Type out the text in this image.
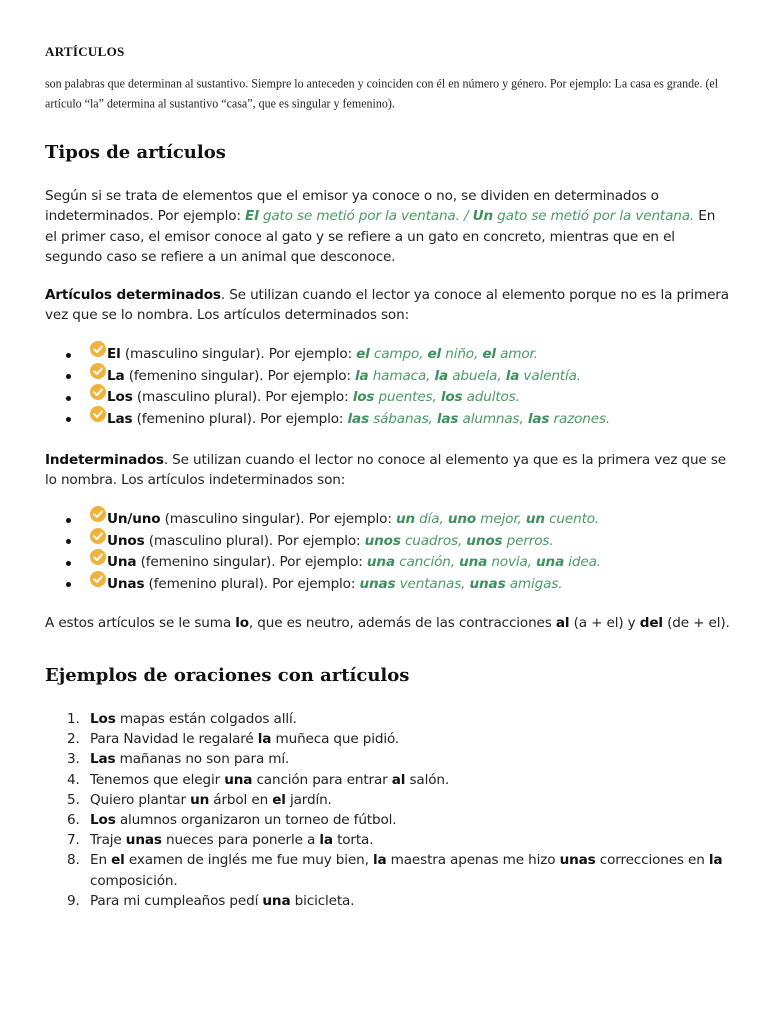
ARTÍCULOS
son palabras que determinan al sustantivo. Siempre lo anteceden y coinciden con él en número y género. Por ejemplo: La casa es grande. (el artículo “la” determina al sustantivo “casa”, que es singular y femenino).
Tipos de artículos
Según si se trata de elementos que el emisor ya conoce o no, se dividen en determinados o indeterminados. Por ejemplo: El gato se metió por la ventana. / Un gato se metió por la ventana. En el primer caso, el emisor conoce al gato y se refiere a un gato en concreto, mientras que en el segundo caso se refiere a un animal que desconoce.
Artículos determinados. Se utilizan cuando el lector ya conoce al elemento porque no es la primera vez que se lo nombra. Los artículos determinados son:
El (masculino singular). Por ejemplo: el campo, el niño, el amor.
La (femenino singular). Por ejemplo: la hamaca, la abuela, la valentía.
Los (masculino plural). Por ejemplo: los puentes, los adultos.
Las (femenino plural). Por ejemplo: las sábanas, las alumnas, las razones.
Indeterminados. Se utilizan cuando el lector no conoce al elemento ya que es la primera vez que se lo nombra. Los artículos indeterminados son:
Un/uno (masculino singular). Por ejemplo: un día, uno mejor, un cuento.
Unos (masculino plural). Por ejemplo: unos cuadros, unos perros.
Una (femenino singular). Por ejemplo: una canción, una novia, una idea.
Unas (femenino plural). Por ejemplo: unas ventanas, unas amigas.
A estos artículos se le suma lo, que es neutro, además de las contracciones al (a + el) y del (de + el).
Ejemplos de oraciones con artículos
1. Los mapas están colgados allí.
2. Para Navidad le regalaré la muñeca que pidió.
3. Las mañanas no son para mí.
4. Tenemos que elegir una canción para entrar al salón.
5. Quiero plantar un árbol en el jardín.
6. Los alumnos organizaron un torneo de fútbol.
7. Traje unas nueces para ponerle a la torta.
8. En el examen de inglés me fue muy bien, la maestra apenas me hizo unas correcciones en la composición.
9. Para mi cumpleaños pedí una bicicleta.
